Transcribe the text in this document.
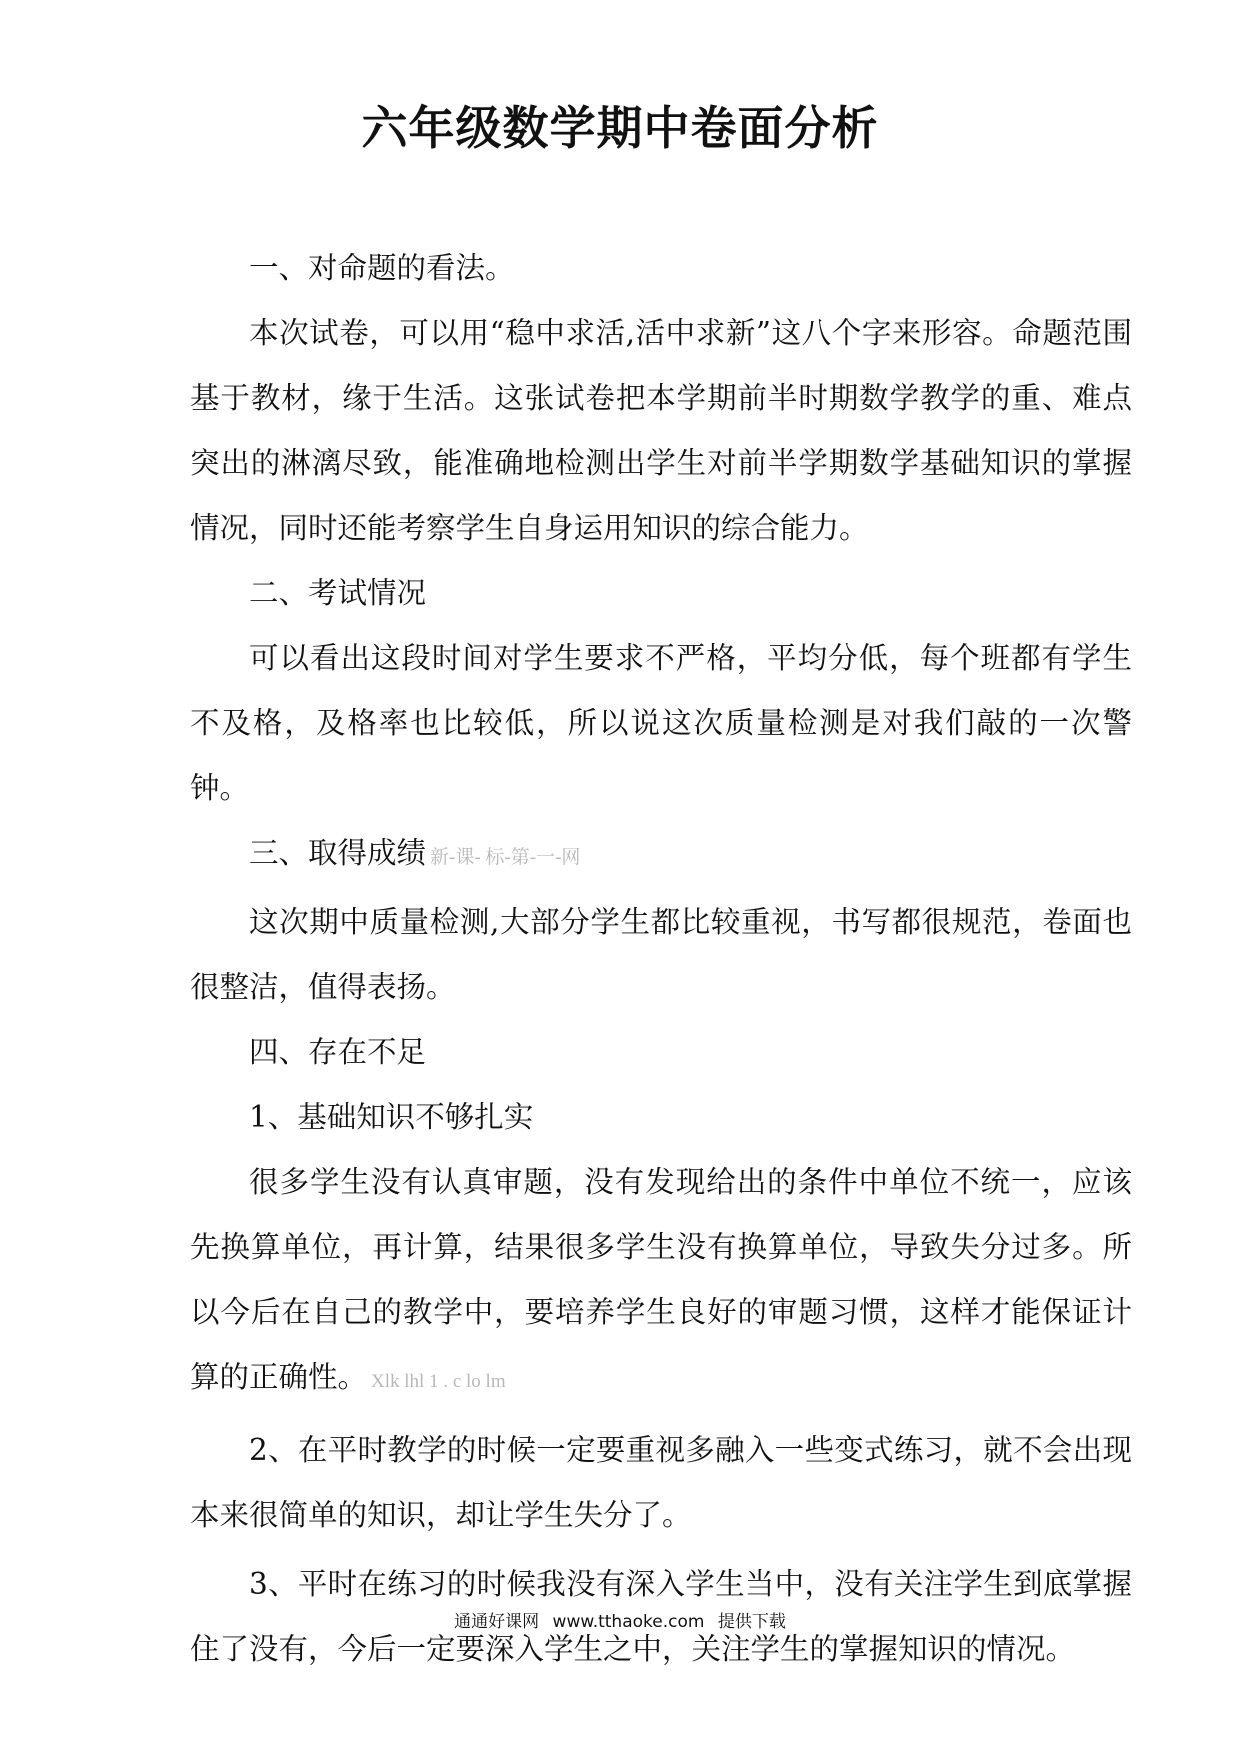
六年级数学期中卷面分析

一、对命题的看法。

本次试卷，可以用“稳中求活,活中求新”这八个字来形容。命题范围基于教材，缘于生活。这张试卷把本学期前半时期数学教学的重、难点突出的淋漓尽致，能准确地检测出学生对前半学期数学基础知识的掌握情况，同时还能考察学生自身运用知识的综合能力。

二、考试情况

可以看出这段时间对学生要求不严格，平均分低，每个班都有学生不及格，及格率也比较低，所以说这次质量检测是对我们敲的一次警钟。

三、取得成绩 新-课- 标-第-一-网

这次期中质量检测,大部分学生都比较重视，书写都很规范，卷面也很整洁，值得表扬。

四、存在不足

1、基础知识不够扎实

很多学生没有认真审题，没有发现给出的条件中单位不统一，应该先换算单位，再计算，结果很多学生没有换算单位，导致失分过多。所以今后在自己的教学中，要培养学生良好的审题习惯，这样才能保证计算的正确性。 Xlk lhl 1 . c lo lm

2、在平时教学的时候一定要重视多融入一些变式练习，就不会出现本来很简单的知识，却让学生失分了。

3、平时在练习的时候我没有深入学生当中，没有关注学生到底掌握住了没有，今后一定要深入学生之中，关注学生的掌握知识的情况。

通通好课网 www.tthaoke.com 提供下载
